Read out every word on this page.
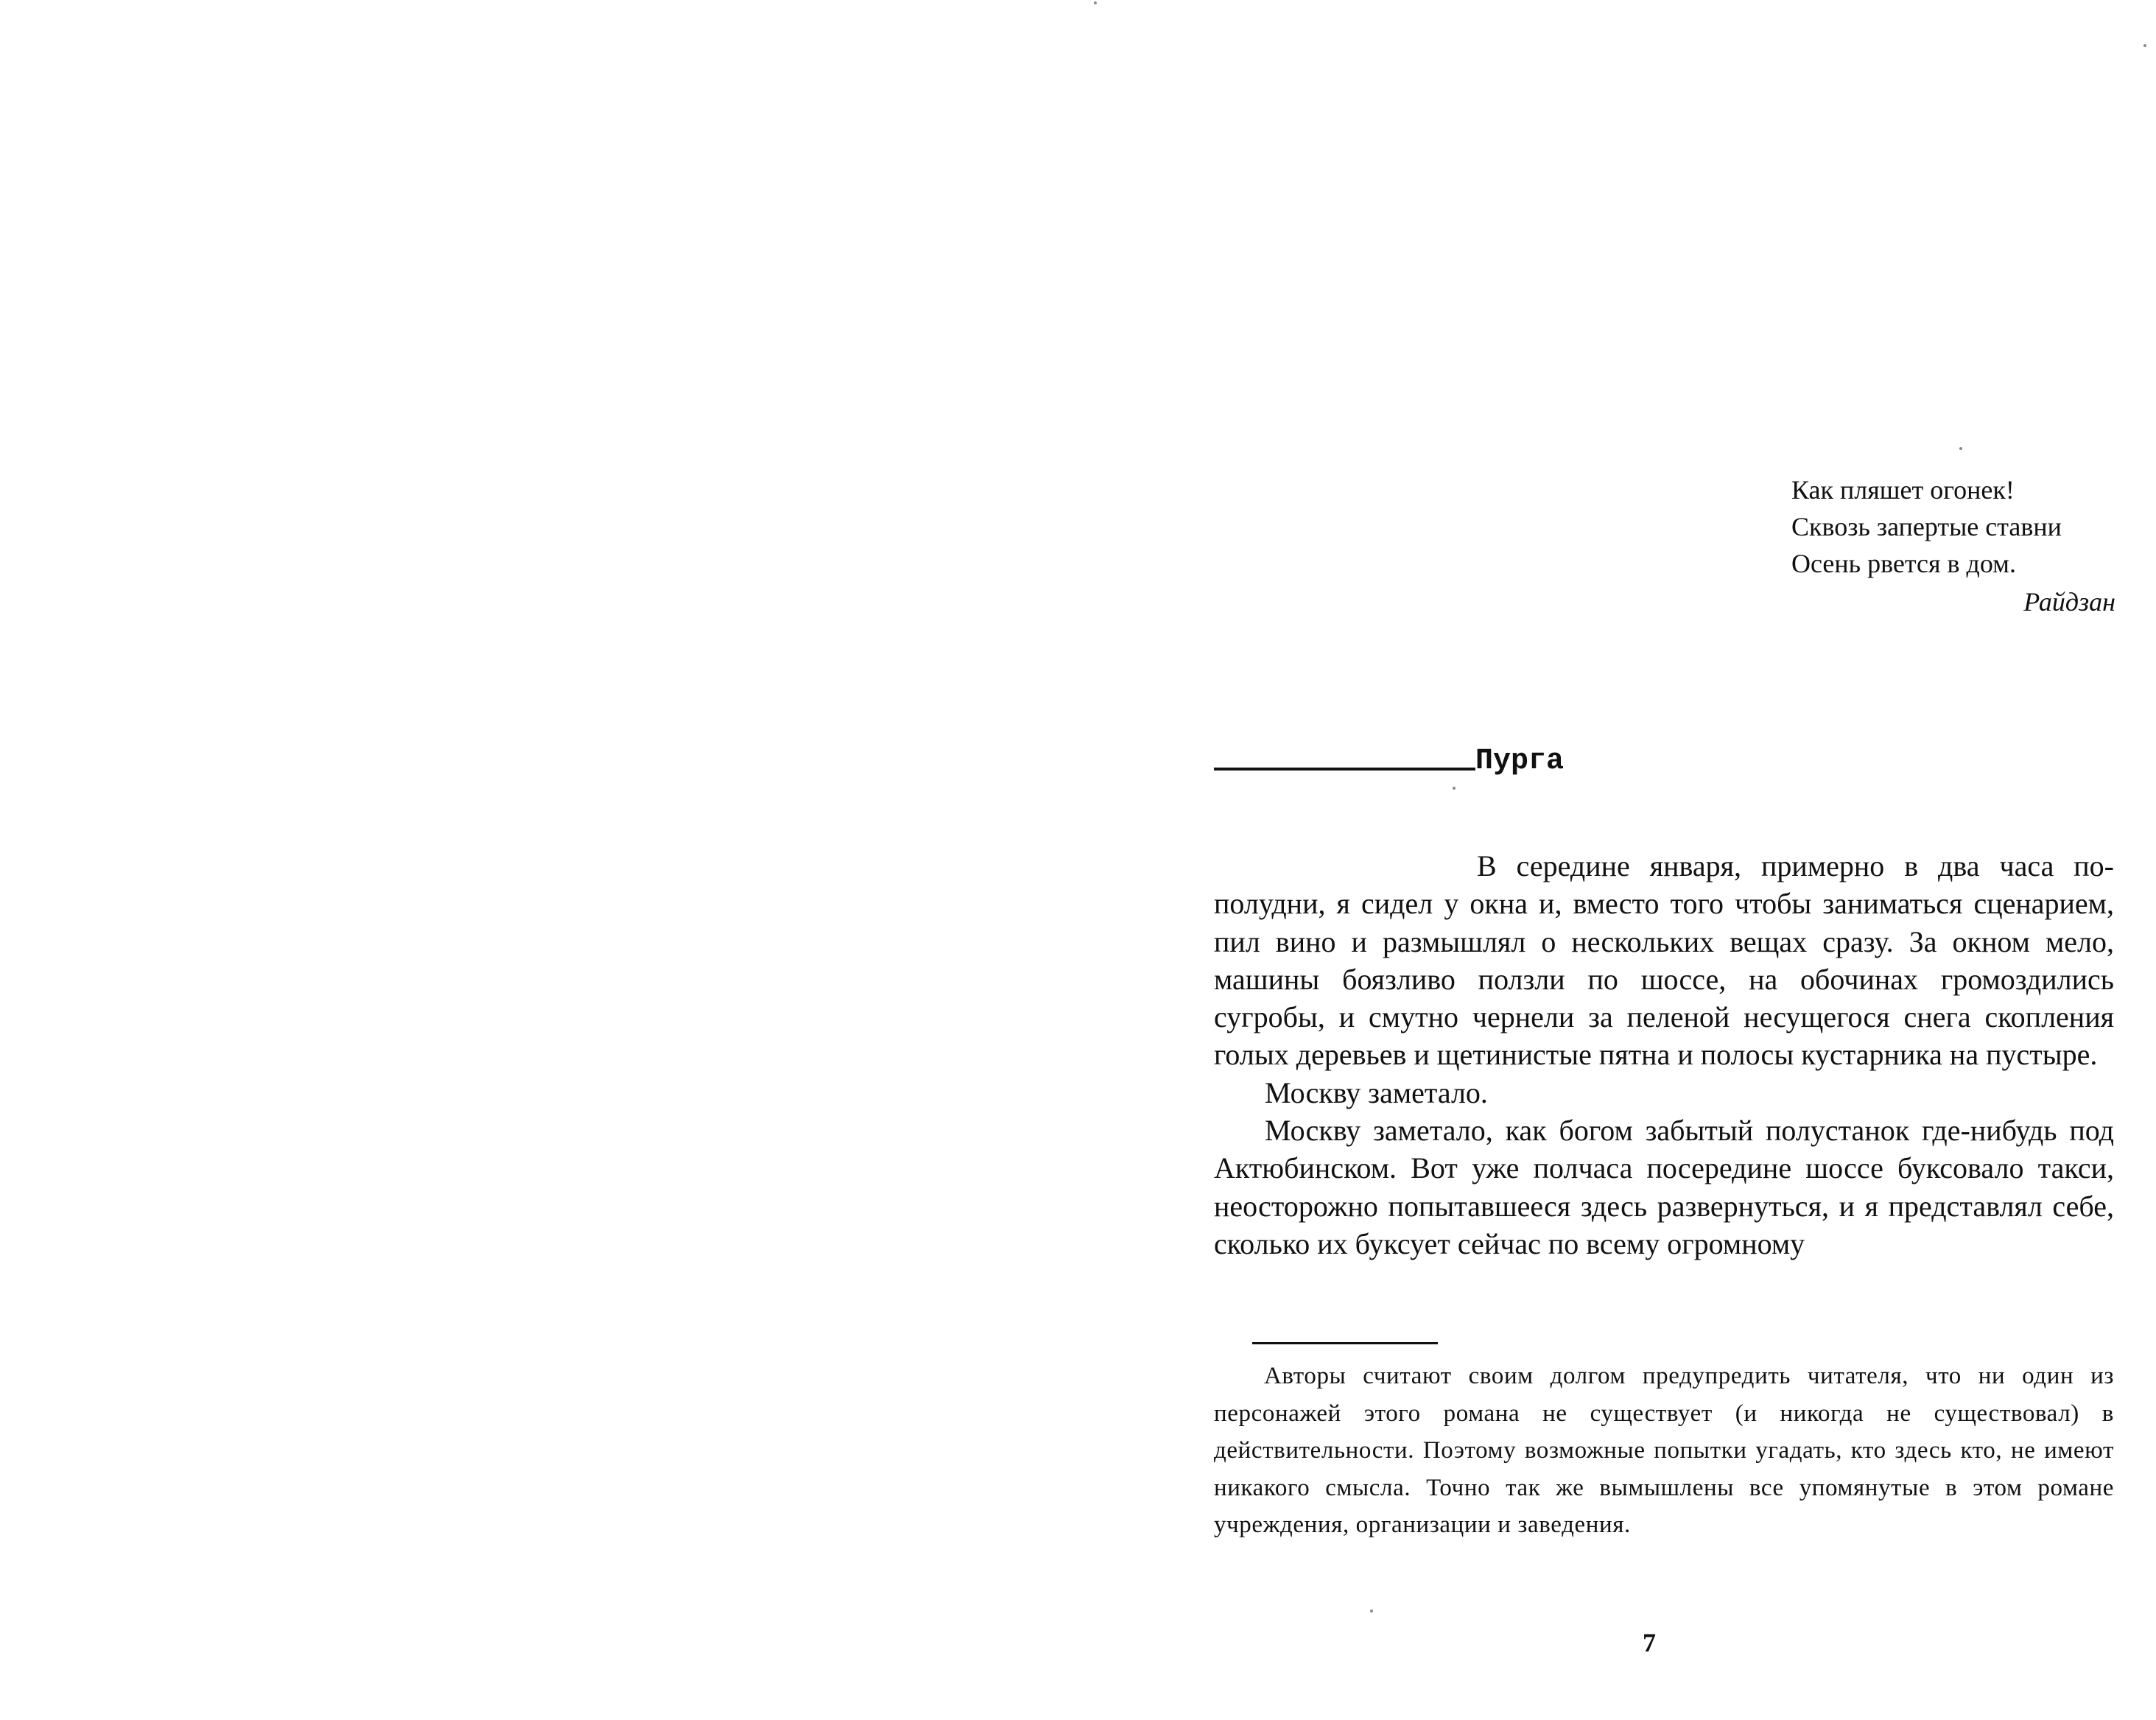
Как пляшет огонек!
Сквозь запертые ставни
Осень рвется в дом.
Райдзан
Пурга

В середине января, примерно в два часа пополудни, я сидел у окна и, вместо того чтобы заниматься сценарием, пил вино и размышлял о нескольких вещах сразу. За окном мело, машины боязливо ползли по шоссе, на обочинах громоздились сугробы, и смутно чернели за пеленой несущегося снега скопления голых деревьев и щетинистые пятна и полосы кустарника на пустыре.

Москву заметало.

Москву заметало, как богом забытый полустанок где-нибудь под Актюбинском. Вот уже полчаса посередине шоссе буксовало такси, неосторожно попытавшееся здесь развернуться, и я представлял себе, сколько их буксует сейчас по всему огромному

Авторы считают своим долгом предупредить читателя, что ни один из персонажей этого романа не существует (и никогда не существовал) в действительности. Поэтому возможные попытки угадать, кто здесь кто, не имеют никакого смысла. Точно так же вымышлены все упомянутые в этом романе учреждения, организации и заведения.

7
